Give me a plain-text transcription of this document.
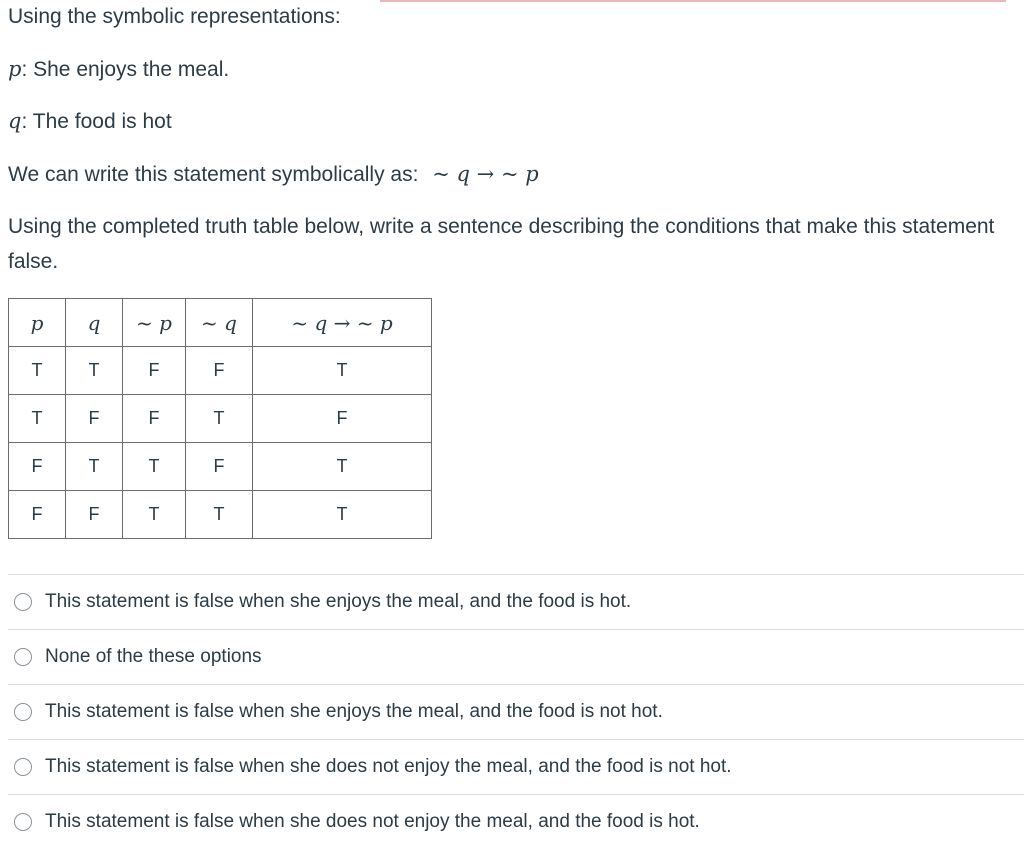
Using the symbolic representations:

p: She enjoys the meal.

q: The food is hot

We can write this statement symbolically as: ~ q → ~ p

Using the completed truth table below, write a sentence describing the conditions that make this statement false.

p	q	~ p	~ q	~ q → ~ p
T	T	F	F	T
T	F	F	T	F
F	T	T	F	T
F	F	T	T	T
This statement is false when she enjoys the meal, and the food is hot.
None of the these options
This statement is false when she enjoys the meal, and the food is not hot.
This statement is false when she does not enjoy the meal, and the food is not hot.
This statement is false when she does not enjoy the meal, and the food is hot.
